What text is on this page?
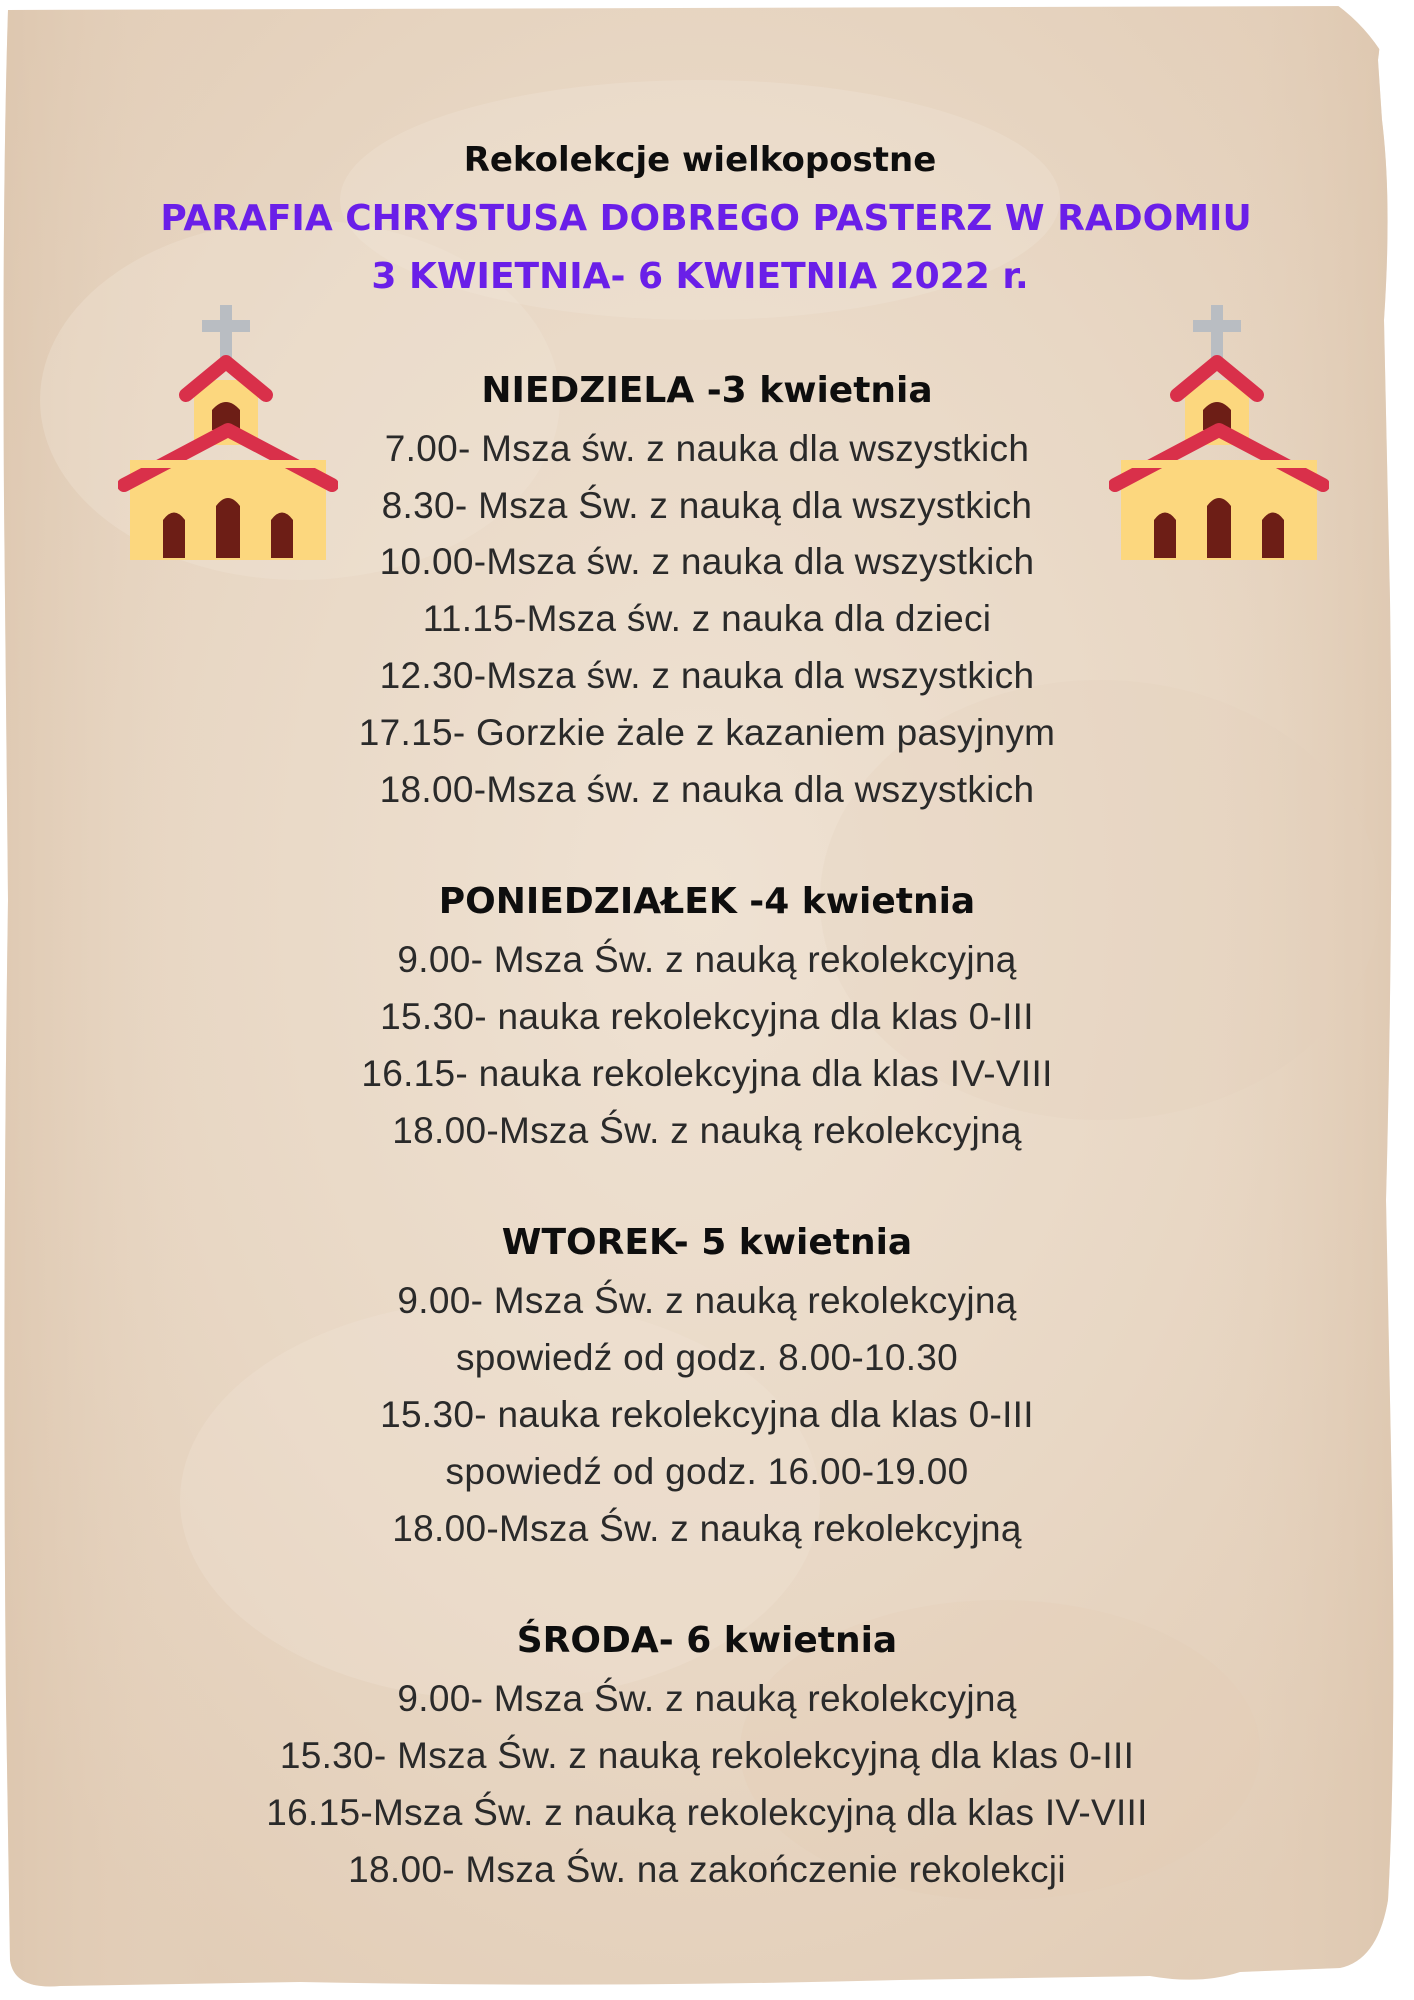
Rekolekcje wielkopostne
PARAFIA CHRYSTUSA DOBREGO PASTERZ W RADOMIU
3 KWIETNIA- 6 KWIETNIA 2022 r.
NIEDZIELA -3 kwietnia
7.00- Msza św. z nauka dla wszystkich
8.30- Msza Św. z nauką dla wszystkich
10.00-Msza św. z nauka dla wszystkich
11.15-Msza św. z nauka dla dzieci
12.30-Msza św. z nauka dla wszystkich
17.15- Gorzkie żale z kazaniem pasyjnym
18.00-Msza św. z nauka dla wszystkich
PONIEDZIAŁEK -4 kwietnia
9.00- Msza Św. z nauką rekolekcyjną
15.30- nauka rekolekcyjna dla klas 0-III
16.15- nauka rekolekcyjna dla klas IV-VIII
18.00-Msza Św. z nauką rekolekcyjną
WTOREK- 5 kwietnia
9.00- Msza Św. z nauką rekolekcyjną
spowiedź od godz. 8.00-10.30
15.30- nauka rekolekcyjna dla klas 0-III
spowiedź od godz. 16.00-19.00
18.00-Msza Św. z nauką rekolekcyjną
ŚRODA- 6 kwietnia
9.00- Msza Św. z nauką rekolekcyjną
15.30- Msza Św. z nauką rekolekcyjną dla klas 0-III
16.15-Msza Św. z nauką rekolekcyjną dla klas IV-VIII
18.00- Msza Św. na zakończenie rekolekcji
